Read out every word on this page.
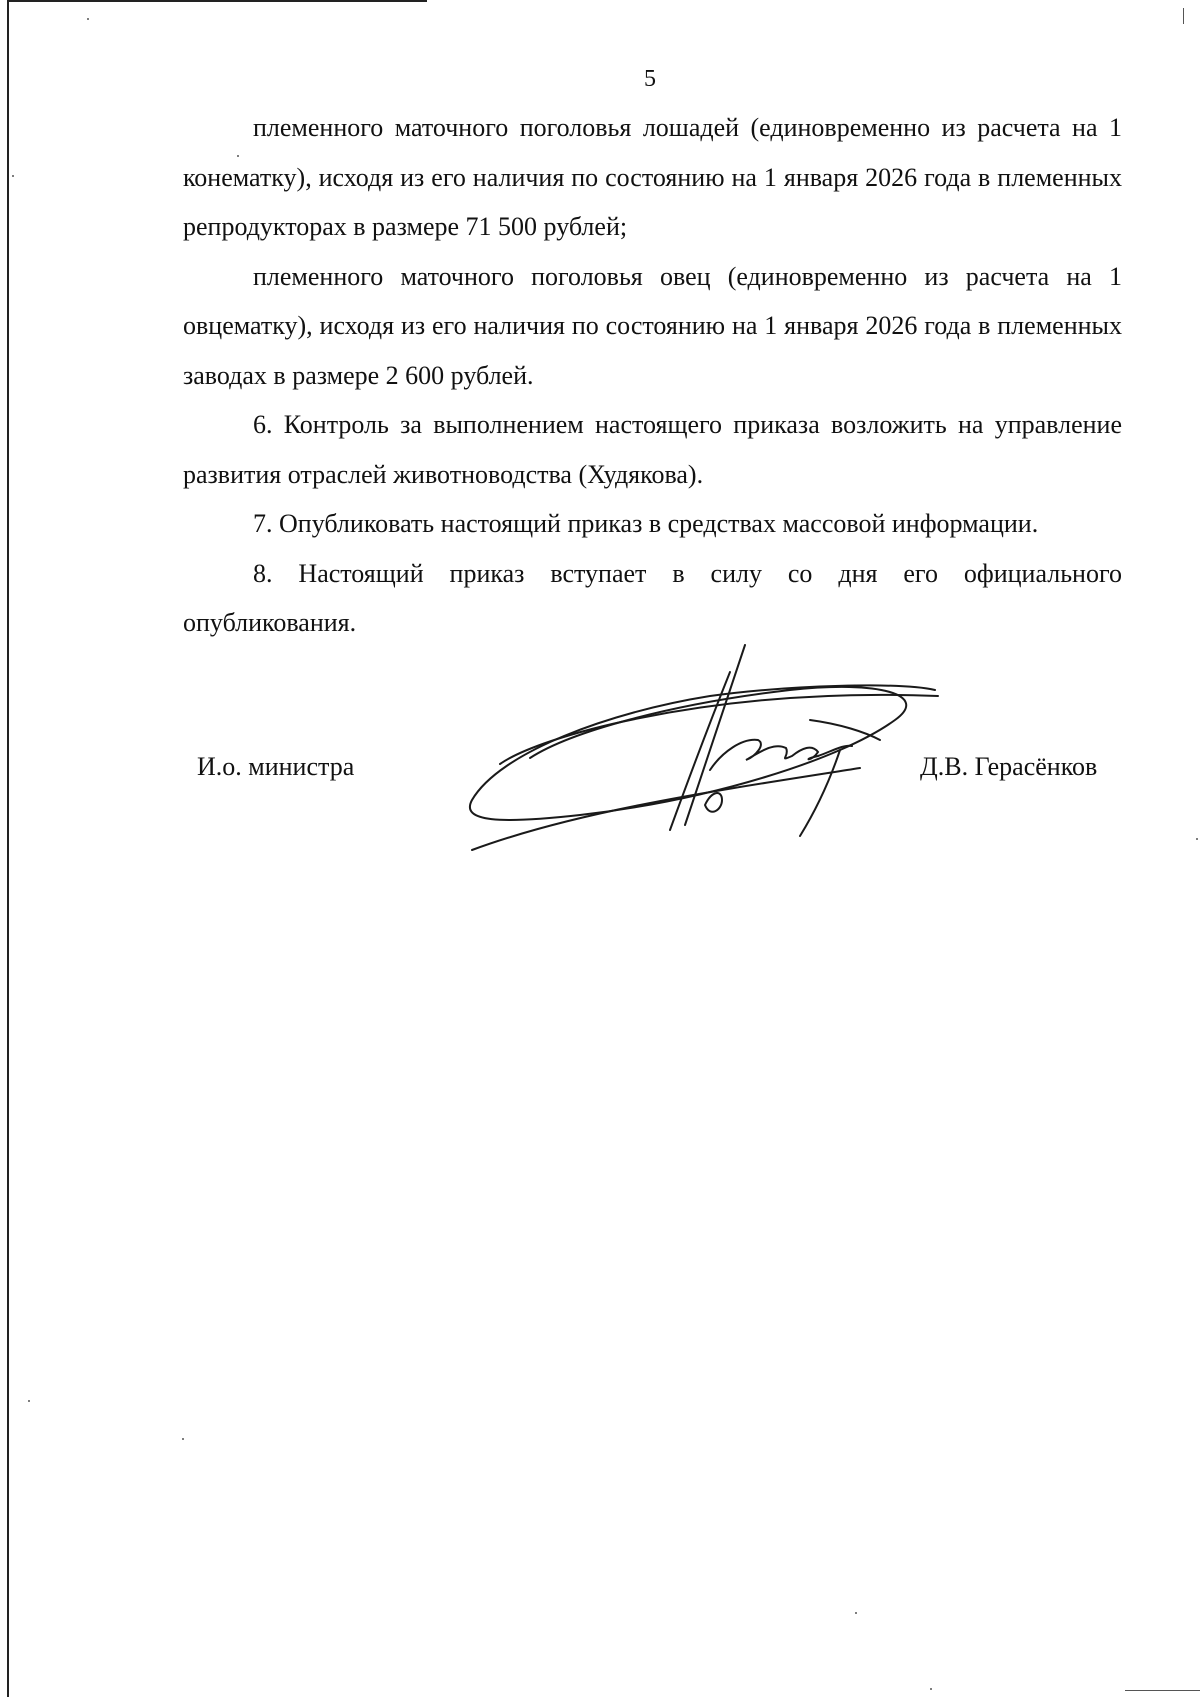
5

племенного маточного поголовья лошадей (единовременно из расчета на 1 конематку), исходя из его наличия по состоянию на 1 января 2026 года в племенных репродукторах в размере 71 500 рублей;

племенного маточного поголовья овец (единовременно из расчета на 1 овцематку), исходя из его наличия по состоянию на 1 января 2026 года в племенных заводах в размере 2 600 рублей.

6. Контроль за выполнением настоящего приказа возложить на управление развития отраслей животноводства (Худякова).

7. Опубликовать настоящий приказ в средствах массовой информации.

8. Настоящий приказ вступает в силу со дня его официального опубликования.

И.о. министра	Д.В. Герасёнков
